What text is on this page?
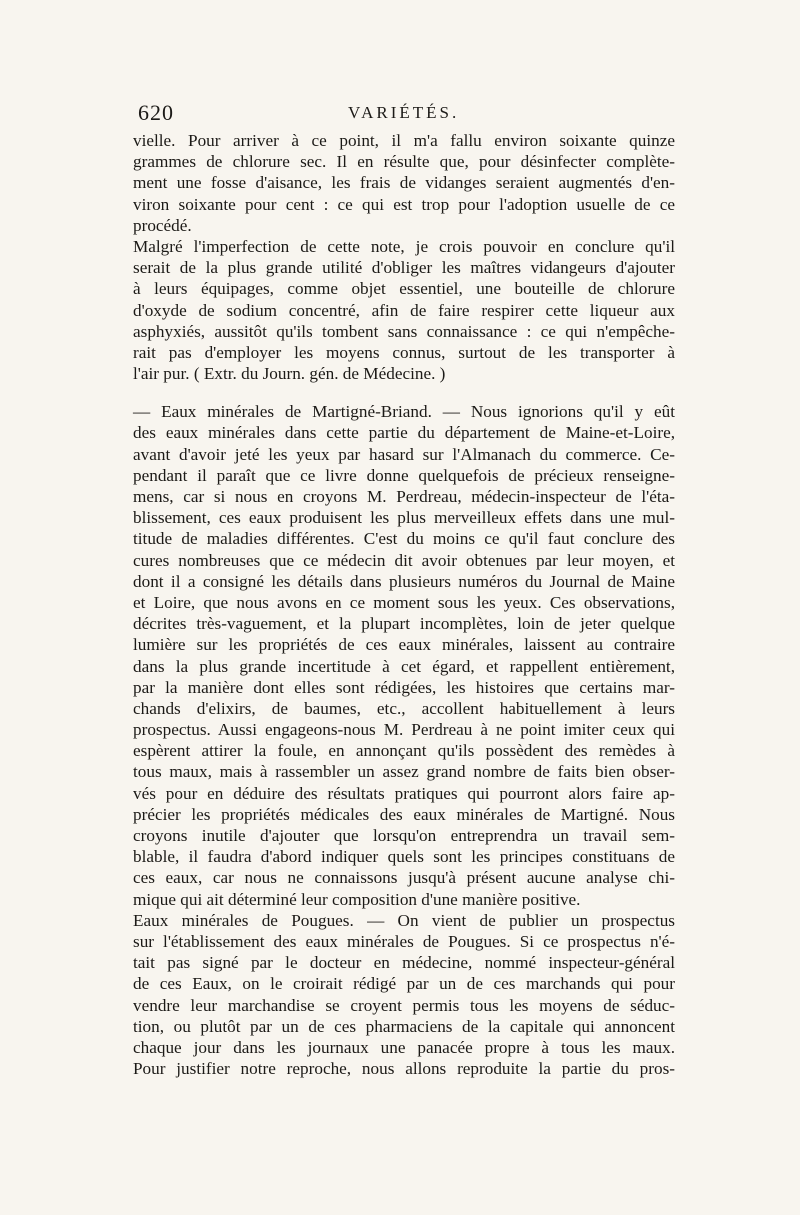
620	VARIÉTÉS.
vielle. Pour arriver à ce point, il m'a fallu environ soixante quinze
grammes de chlorure sec. Il en résulte que, pour désinfecter complète-
ment une fosse d'aisance, les frais de vidanges seraient augmentés d'en-
viron soixante pour cent : ce qui est trop pour l'adoption usuelle de ce
procédé.
Malgré l'imperfection de cette note, je crois pouvoir en conclure qu'il
serait de la plus grande utilité d'obliger les maîtres vidangeurs d'ajouter
à leurs équipages, comme objet essentiel, une bouteille de chlorure
d'oxyde de sodium concentré, afin de faire respirer cette liqueur aux
asphyxiés, aussitôt qu'ils tombent sans connaissance : ce qui n'empêche-
rait pas d'employer les moyens connus, surtout de les transporter à
l'air pur. ( Extr. du Journ. gén. de Médecine. )
— Eaux minérales de Martigné-Briand. — Nous ignorions qu'il y eût
des eaux minérales dans cette partie du département de Maine-et-Loire,
avant d'avoir jeté les yeux par hasard sur l'Almanach du commerce. Ce-
pendant il paraît que ce livre donne quelquefois de précieux renseigne-
mens, car si nous en croyons M. Perdreau, médecin-inspecteur de l'éta-
blissement, ces eaux produisent les plus merveilleux effets dans une mul-
titude de maladies différentes. C'est du moins ce qu'il faut conclure des
cures nombreuses que ce médecin dit avoir obtenues par leur moyen, et
dont il a consigné les détails dans plusieurs numéros du Journal de Maine
et Loire, que nous avons en ce moment sous les yeux. Ces observations,
décrites très-vaguement, et la plupart incomplètes, loin de jeter quelque
lumière sur les propriétés de ces eaux minérales, laissent au contraire
dans la plus grande incertitude à cet égard, et rappellent entièrement,
par la manière dont elles sont rédigées, les histoires que certains mar-
chands d'elixirs, de baumes, etc., accollent habituellement à leurs
prospectus. Aussi engageons-nous M. Perdreau à ne point imiter ceux qui
espèrent attirer la foule, en annonçant qu'ils possèdent des remèdes à
tous maux, mais à rassembler un assez grand nombre de faits bien obser-
vés pour en déduire des résultats pratiques qui pourront alors faire ap-
précier les propriétés médicales des eaux minérales de Martigné. Nous
croyons inutile d'ajouter que lorsqu'on entreprendra un travail sem-
blable, il faudra d'abord indiquer quels sont les principes constituans de
ces eaux, car nous ne connaissons jusqu'à présent aucune analyse chi-
mique qui ait déterminé leur composition d'une manière positive.
Eaux minérales de Pougues. — On vient de publier un prospectus
sur l'établissement des eaux minérales de Pougues. Si ce prospectus n'é-
tait pas signé par le docteur en médecine, nommé inspecteur-général
de ces Eaux, on le croirait rédigé par un de ces marchands qui pour
vendre leur marchandise se croyent permis tous les moyens de séduc-
tion, ou plutôt par un de ces pharmaciens de la capitale qui annoncent
chaque jour dans les journaux une panacée propre à tous les maux.
Pour justifier notre reproche, nous allons reproduite la partie du pros-
